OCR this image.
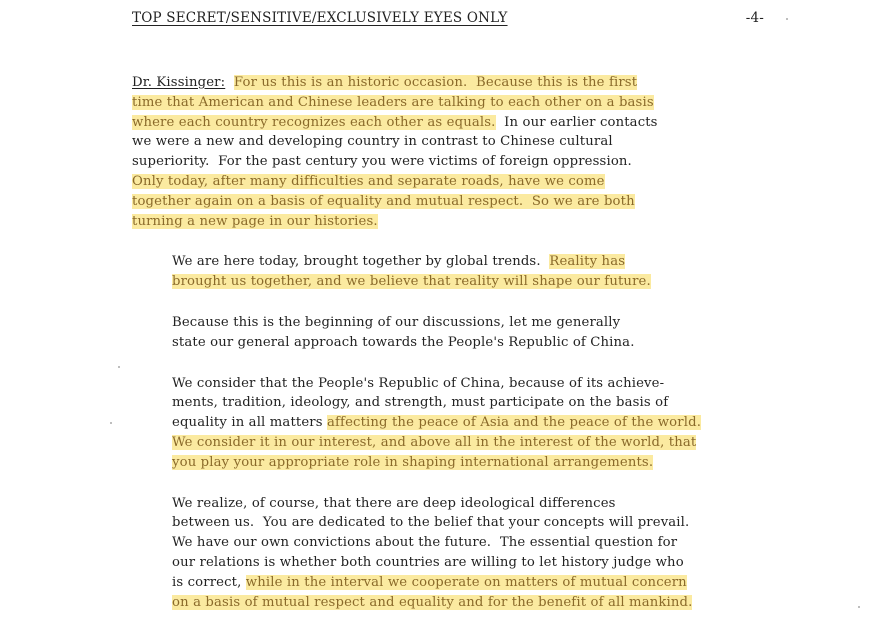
TOP SECRET/SENSITIVE/EXCLUSIVELY EYES ONLY	-4-
Dr. Kissinger: For us this is an historic occasion.  Because this is the first
time that American and Chinese leaders are talking to each other on a basis
where each country recognizes each other as equals.  In our earlier contacts
we were a new and developing country in contrast to Chinese cultural
superiority.  For the past century you were victims of foreign oppression.
Only today, after many difficulties and separate roads, have we come
together again on a basis of equality and mutual respect.  So we are both
turning a new page in our histories.
We are here today, brought together by global trends.  Reality has
brought us together, and we believe that reality will shape our future.
Because this is the beginning of our discussions, let me generally
state our general approach towards the People's Republic of China.
We consider that the People's Republic of China, because of its achieve-
ments, tradition, ideology, and strength, must participate on the basis of
equality in all matters affecting the peace of Asia and the peace of the world.
We consider it in our interest, and above all in the interest of the world, that
you play your appropriate role in shaping international arrangements.
We realize, of course, that there are deep ideological differences
between us.  You are dedicated to the belief that your concepts will prevail.
We have our own convictions about the future.  The essential question for
our relations is whether both countries are willing to let history judge who
is correct, while in the interval we cooperate on matters of mutual concern
on a basis of mutual respect and equality and for the benefit of all mankind.
